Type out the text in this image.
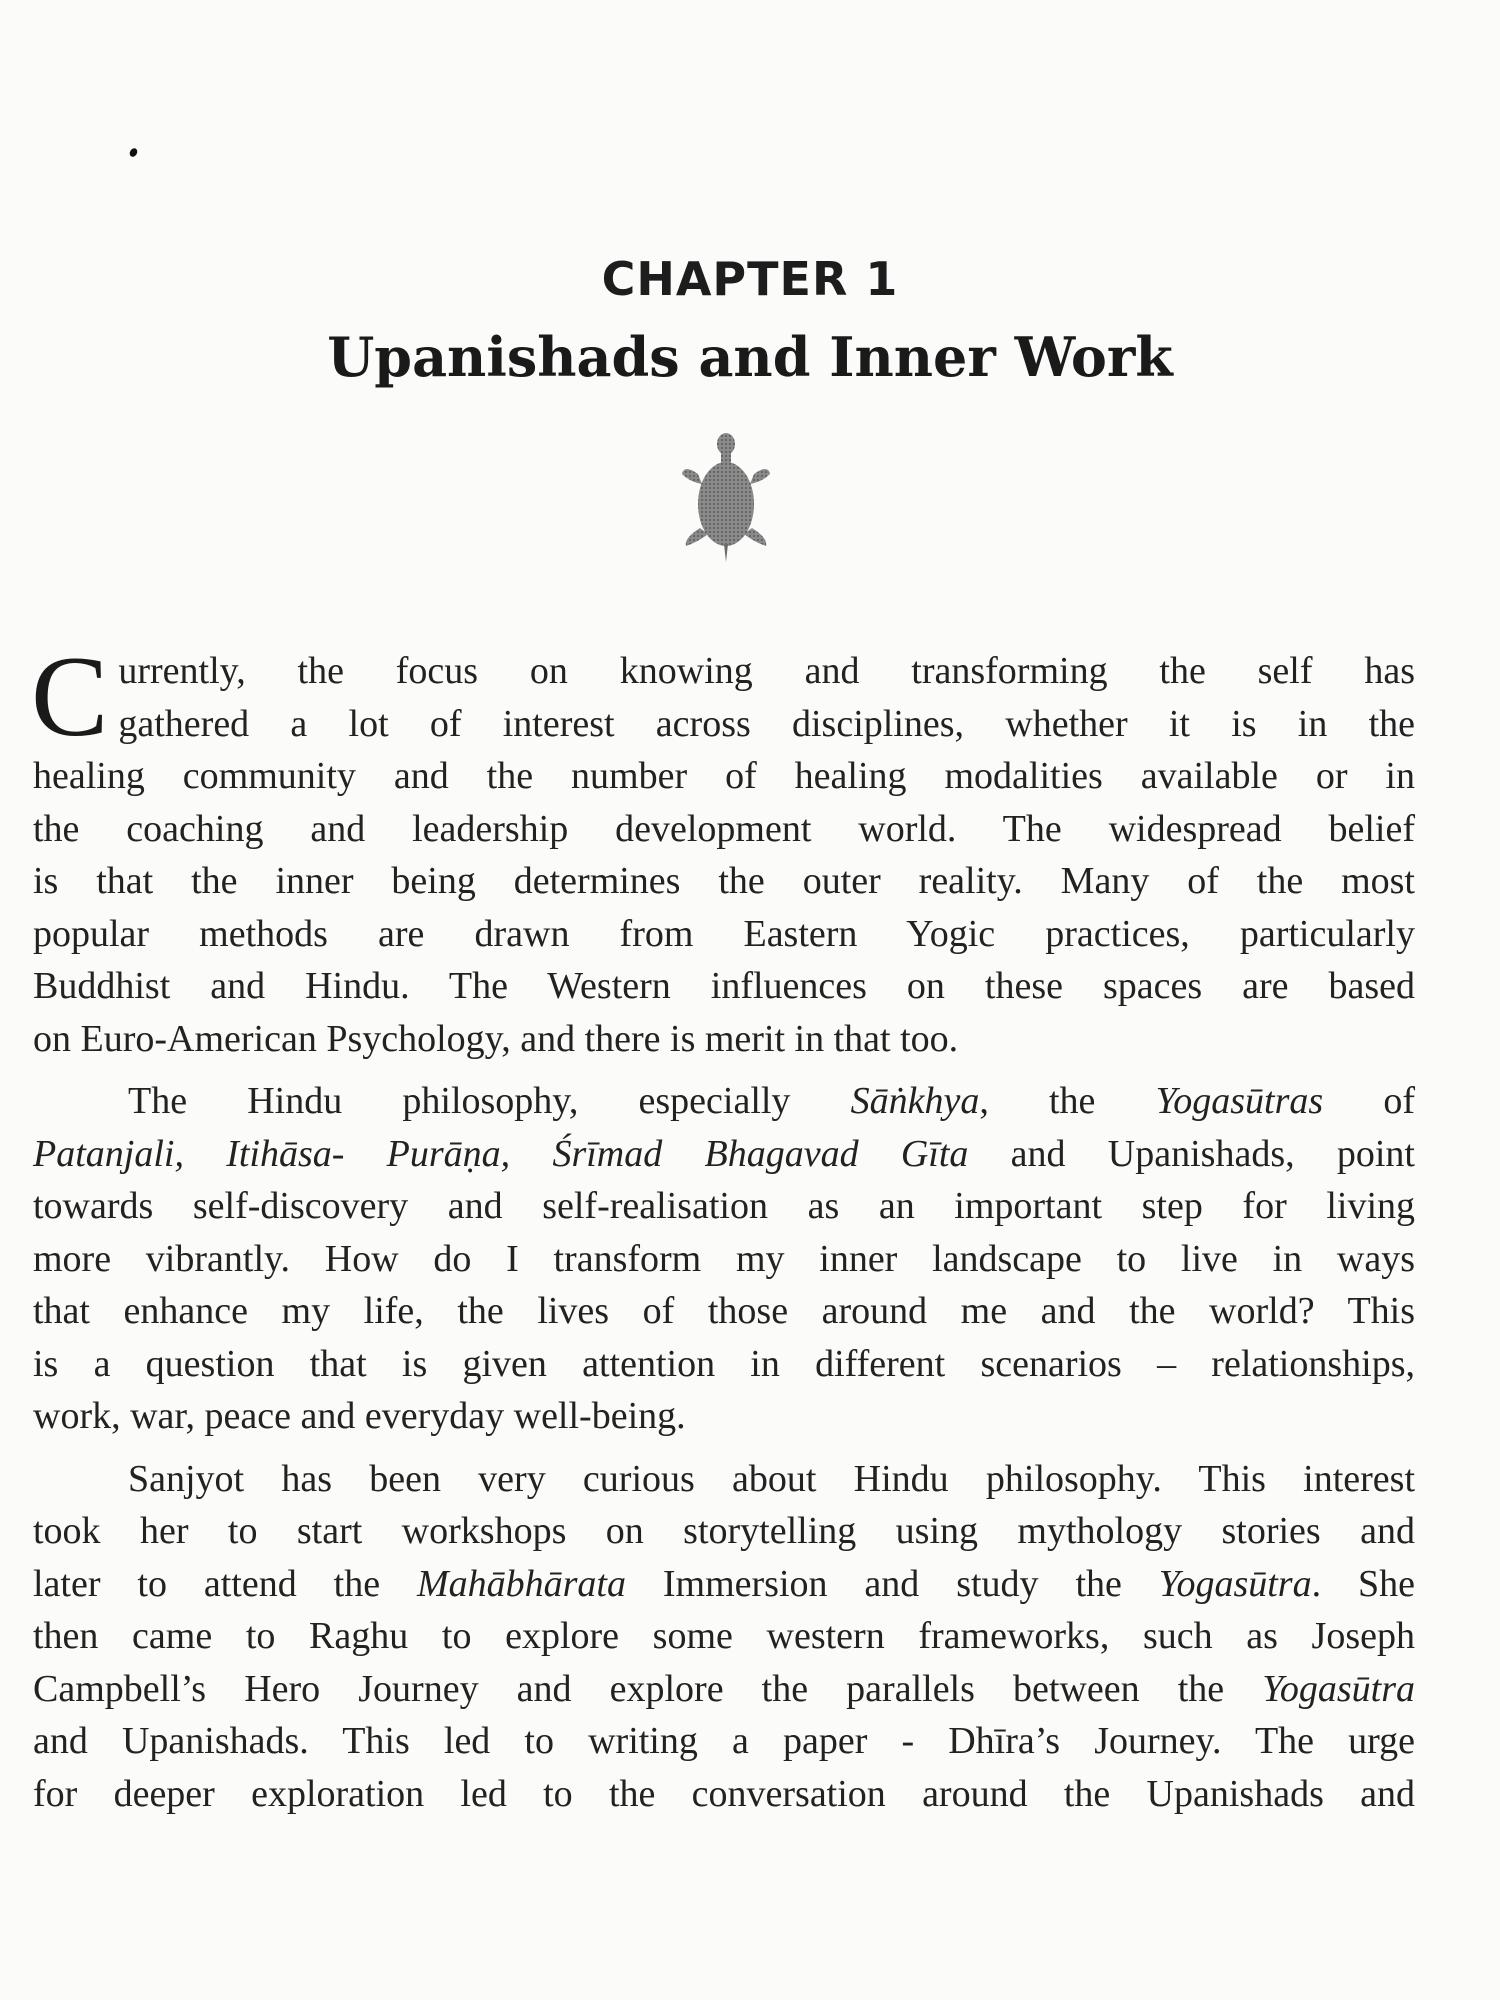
CHAPTER 1
Upanishads and Inner Work
C urrently, the focus on knowing and transforming the self has
gathered a lot of interest across disciplines, whether it is in the
healing community and the number of healing modalities available or in
the coaching and leadership development world. The widespread belief
is that the inner being determines the outer reality. Many of the most
popular methods are drawn from Eastern Yogic practices, particularly
Buddhist and Hindu. The Western influences on these spaces are based
on Euro-American Psychology, and there is merit in that too.
The Hindu philosophy, especially Sāṅkhya, the Yogasūtras of
Patanjali, Itihāsa- Purāṇa, Śrīmad Bhagavad Gīta and Upanishads, point
towards self-discovery and self-realisation as an important step for living
more vibrantly. How do I transform my inner landscape to live in ways
that enhance my life, the lives of those around me and the world? This
is a question that is given attention in different scenarios – relationships,
work, war, peace and everyday well-being.
Sanjyot has been very curious about Hindu philosophy. This interest
took her to start workshops on storytelling using mythology stories and
later to attend the Mahābhārata Immersion and study the Yogasūtra. She
then came to Raghu to explore some western frameworks, such as Joseph
Campbell’s Hero Journey and explore the parallels between the Yogasūtra
and Upanishads. This led to writing a paper - Dhīra’s Journey. The urge
for deeper exploration led to the conversation around the Upanishads and
